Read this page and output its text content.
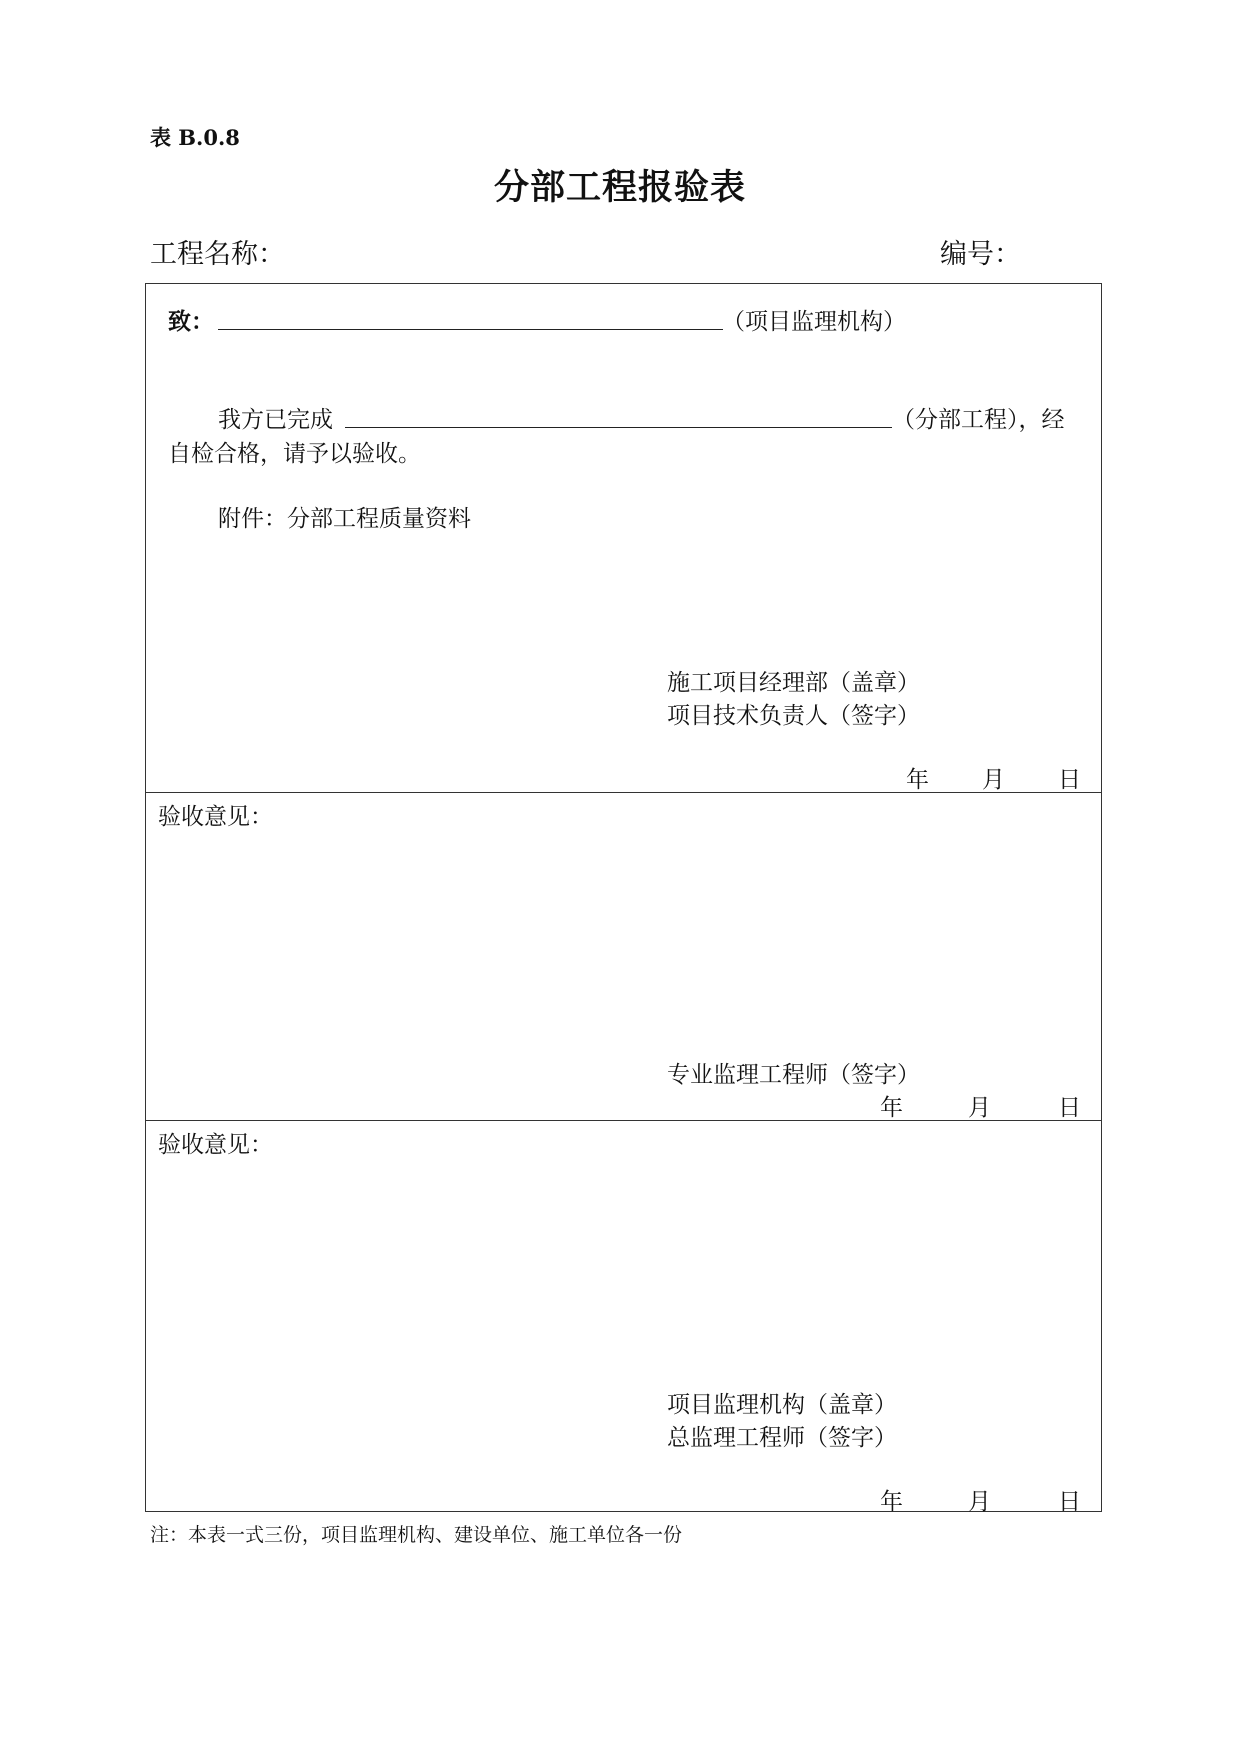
表 B.0.8
分部工程报验表
工程名称：	编号：
致：	（项目监理机构）
我方已完成	（分部工程），经
自检合格，请予以验收。
附件：分部工程质量资料
施工项目经理部（盖章）
项目技术负责人（签字）
年 月 日
验收意见：
专业监理工程师（签字）
年	月	日
验收意见：
项目监理机构（盖章）
总监理工程师（签字）
年	月	日
注：本表一式三份，项目监理机构、建设单位、施工单位各一份
